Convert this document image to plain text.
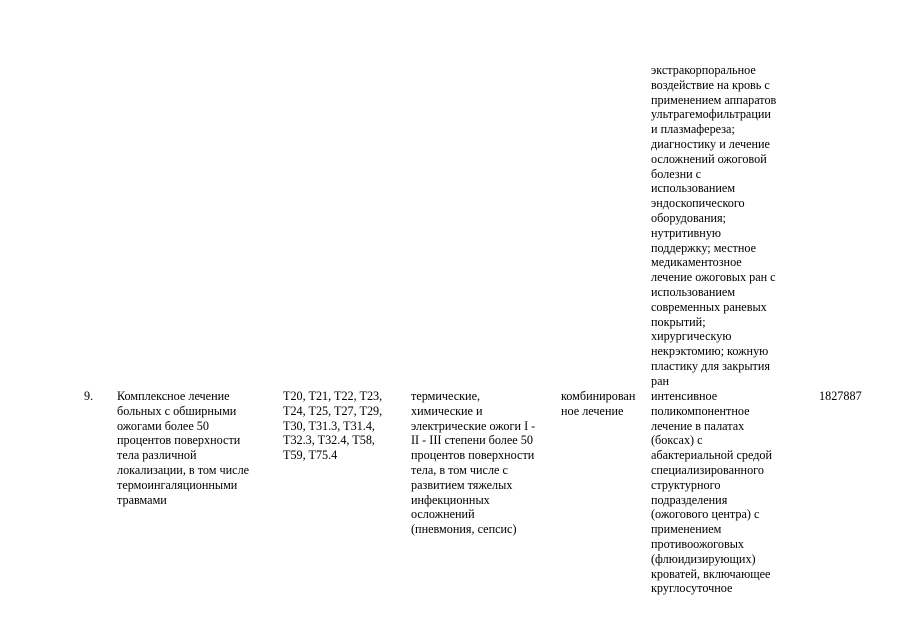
экстракорпоральное
воздействие на кровь с
применением аппаратов
ультрагемофильтрации
и плазмафереза;
диагностику и лечение
осложнений ожоговой
болезни с
использованием
эндоскопического
оборудования;
нутритивную
поддержку; местное
медикаментозное
лечение ожоговых ран с
использованием
современных раневых
покрытий;
хирургическую
некрэктомию; кожную
пластику для закрытия
ран
9. Комплексное лечение
больных с обширными
ожогами более 50
процентов поверхности
тела различной
локализации, в том числе
термоингаляционными
травмами
T20, T21, T22, T23,
T24, T25, T27, T29,
T30, T31.3, T31.4,
T32.3, T32.4, T58,
T59, T75.4
термические,
химические и
электрические ожоги I -
II - III степени более 50
процентов поверхности
тела, в том числе с
развитием тяжелых
инфекционных
осложнений
(пневмония, сепсис)
комбинирован
ное лечение
интенсивное
поликомпонентное
лечение в палатах
(боксах) с
абактериальной средой
специализированного
структурного
подразделения
(ожогового центра) с
применением
противоожоговых
(флюидизирующих)
кроватей, включающее
круглосуточное
1827887
